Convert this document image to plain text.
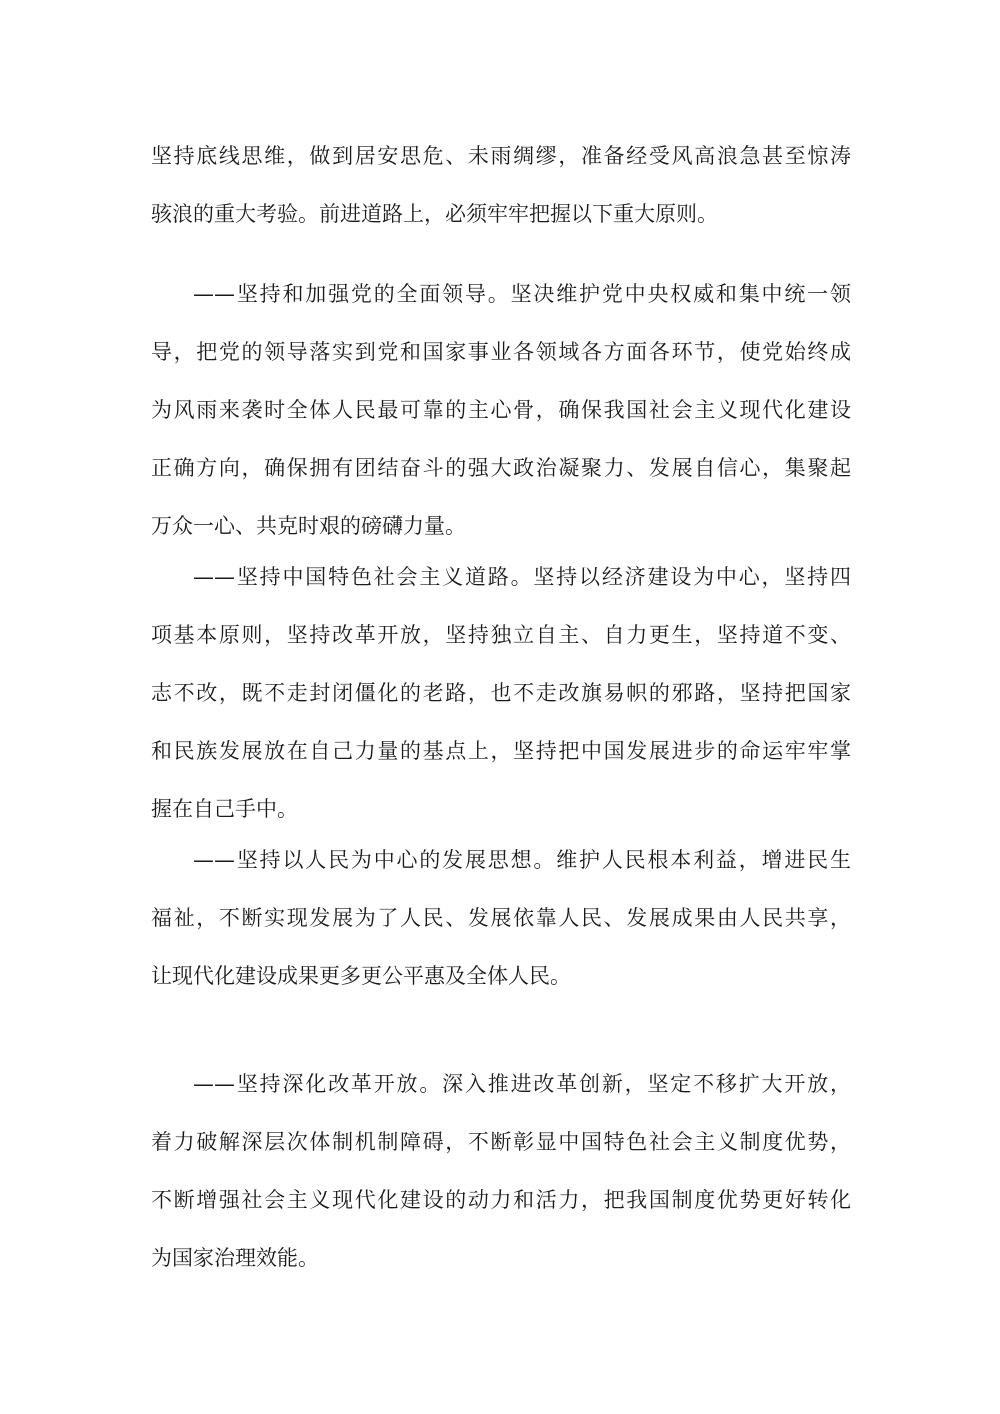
坚持底线思维，做到居安思危、未雨绸缪，准备经受风高浪急甚至惊涛
骇浪的重大考验。前进道路上，必须牢牢把握以下重大原则。

——坚持和加强党的全面领导。坚决维护党中央权威和集中统一领
导，把党的领导落实到党和国家事业各领域各方面各环节，使党始终成
为风雨来袭时全体人民最可靠的主心骨，确保我国社会主义现代化建设
正确方向，确保拥有团结奋斗的强大政治凝聚力、发展自信心，集聚起
万众一心、共克时艰的磅礴力量。

——坚持中国特色社会主义道路。坚持以经济建设为中心，坚持四
项基本原则，坚持改革开放，坚持独立自主、自力更生，坚持道不变、
志不改，既不走封闭僵化的老路，也不走改旗易帜的邪路，坚持把国家
和民族发展放在自己力量的基点上，坚持把中国发展进步的命运牢牢掌
握在自己手中。

——坚持以人民为中心的发展思想。维护人民根本利益，增进民生
福祉，不断实现发展为了人民、发展依靠人民、发展成果由人民共享，
让现代化建设成果更多更公平惠及全体人民。

——坚持深化改革开放。深入推进改革创新，坚定不移扩大开放，
着力破解深层次体制机制障碍，不断彰显中国特色社会主义制度优势，
不断增强社会主义现代化建设的动力和活力，把我国制度优势更好转化
为国家治理效能。
